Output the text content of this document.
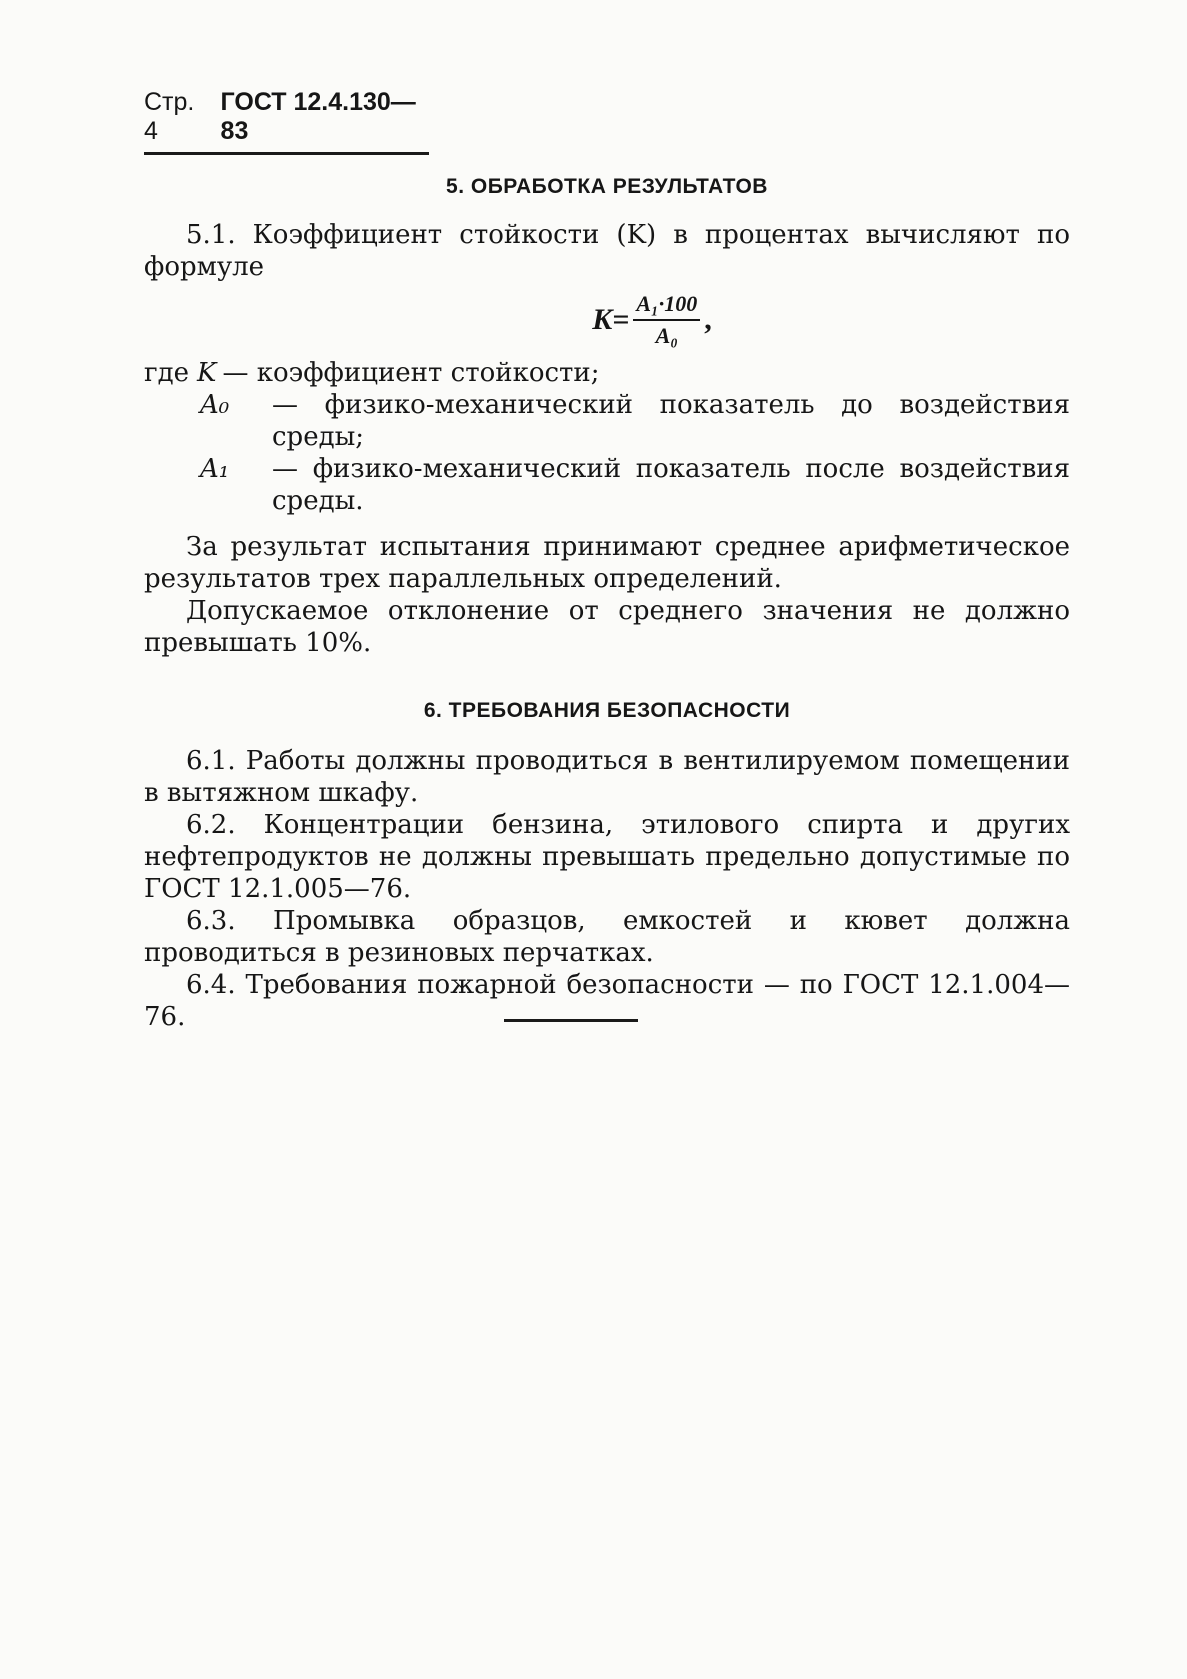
Стр. 4
ГОСТ 12.4.130—83
5. ОБРАБОТКА РЕЗУЛЬТАТОВ

5.1. Коэффициент стойкости (K) в процентах вычисляют по формуле

$K= \frac{\text{A₁·100}}{\text{A₀}}$ ,
где K — коэффициент стойкости;
A₀	— физико-механический показатель до воздействия среды;
A₁	— физико-механический показатель после воздействия среды.

За результат испытания принимают среднее арифметическое результатов трех параллельных определений.

Допускаемое отклонение от среднего значения не должно превышать 10%.

6. ТРЕБОВАНИЯ БЕЗОПАСНОСТИ

6.1. Работы должны проводиться в вентилируемом помещении в вытяжном шкафу.

6.2. Концентрации бензина, этилового спирта и других нефтепродуктов не должны превышать предельно допустимые по ГОСТ 12.1.005—76.

6.3. Промывка образцов, емкостей и кювет должна проводиться в резиновых перчатках.

6.4. Требования пожарной безопасности — по ГОСТ 12.1.004—76.
